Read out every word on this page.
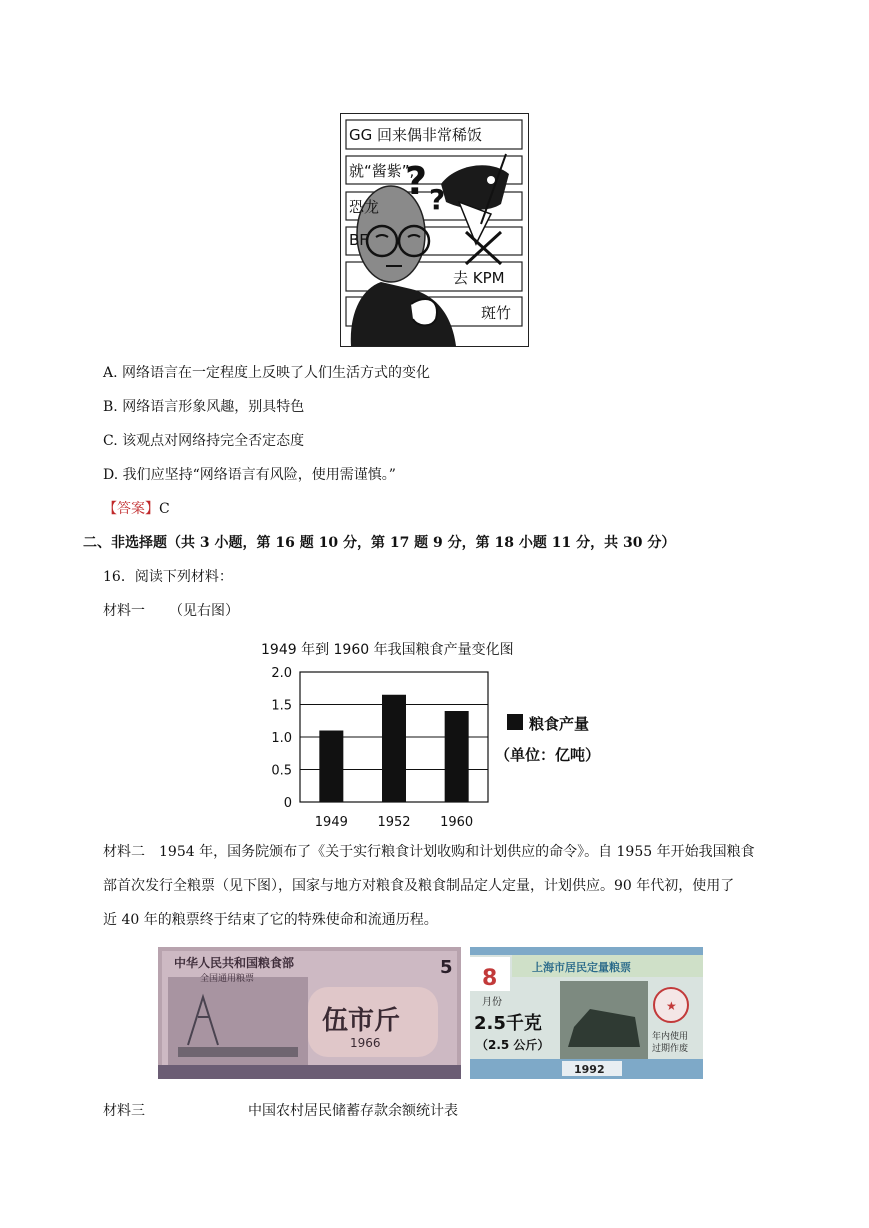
? ?
GG 回来偶非常稀饭
就“酱紫”,
恐龙
BF
去 KPM
斑竹
A. 网络语言在一定程度上反映了人们生活方式的变化
B. 网络语言形象风趣，别具特色
C. 该观点对网络持完全否定态度
D. 我们应坚持“网络语言有风险，使用需谨慎。”
【答案】C
二、非选择题（共 3 小题，第 16 题 10 分，第 17 题 9 分，第 18 小题 11 分，共 30 分）
16．阅读下列材料：
材料一 （见右图）
1949 年到 1960 年我国粮食产量变化图
2.0
1.5
1.0
0.5
0
1949 1952 1960
粮食产量
（单位：亿吨）
材料二　1954 年，国务院颁布了《关于实行粮食计划收购和计划供应的命令》。自 1955 年开始我国粮食
部首次发行全粮票（见下图），国家与地方对粮食及粮食制品定人定量，计划供应。90 年代初，使用了
近 40 年的粮票终于结束了它的特殊使命和流通历程。
中华人民共和国粮食部
全国通用粮票
5
伍市斤
1966
★
上海市居民定量粮票
8
月份
2.5千克
（2.5 公斤）
年内使用
过期作废
1992
材料三	中国农村居民储蓄存款余额统计表
